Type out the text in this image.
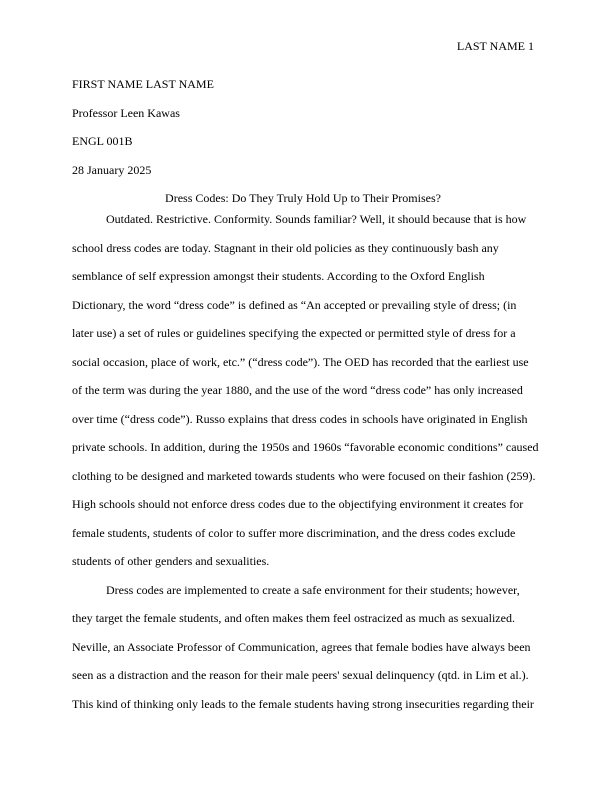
LAST NAME 1
FIRST NAME LAST NAME
Professor Leen Kawas
ENGL 001B
28 January 2025
Dress Codes: Do They Truly Hold Up to Their Promises?
Outdated. Restrictive. Conformity. Sounds familiar? Well, it should because that is how
school dress codes are today. Stagnant in their old policies as they continuously bash any
semblance of self expression amongst their students. According to the Oxford English
Dictionary, the word “dress code” is defined as “An accepted or prevailing style of dress; (in
later use) a set of rules or guidelines specifying the expected or permitted style of dress for a
social occasion, place of work, etc.” (“dress code”). The OED has recorded that the earliest use
of the term was during the year 1880, and the use of the word “dress code” has only increased
over time (“dress code”). Russo explains that dress codes in schools have originated in English
private schools. In addition, during the 1950s and 1960s “favorable economic conditions” caused
clothing to be designed and marketed towards students who were focused on their fashion (259).
High schools should not enforce dress codes due to the objectifying environment it creates for
female students, students of color to suffer more discrimination, and the dress codes exclude
students of other genders and sexualities.
Dress codes are implemented to create a safe environment for their students; however,
they target the female students, and often makes them feel ostracized as much as sexualized.
Neville, an Associate Professor of Communication, agrees that female bodies have always been
seen as a distraction and the reason for their male peers' sexual delinquency (qtd. in Lim et al.).
This kind of thinking only leads to the female students having strong insecurities regarding their
